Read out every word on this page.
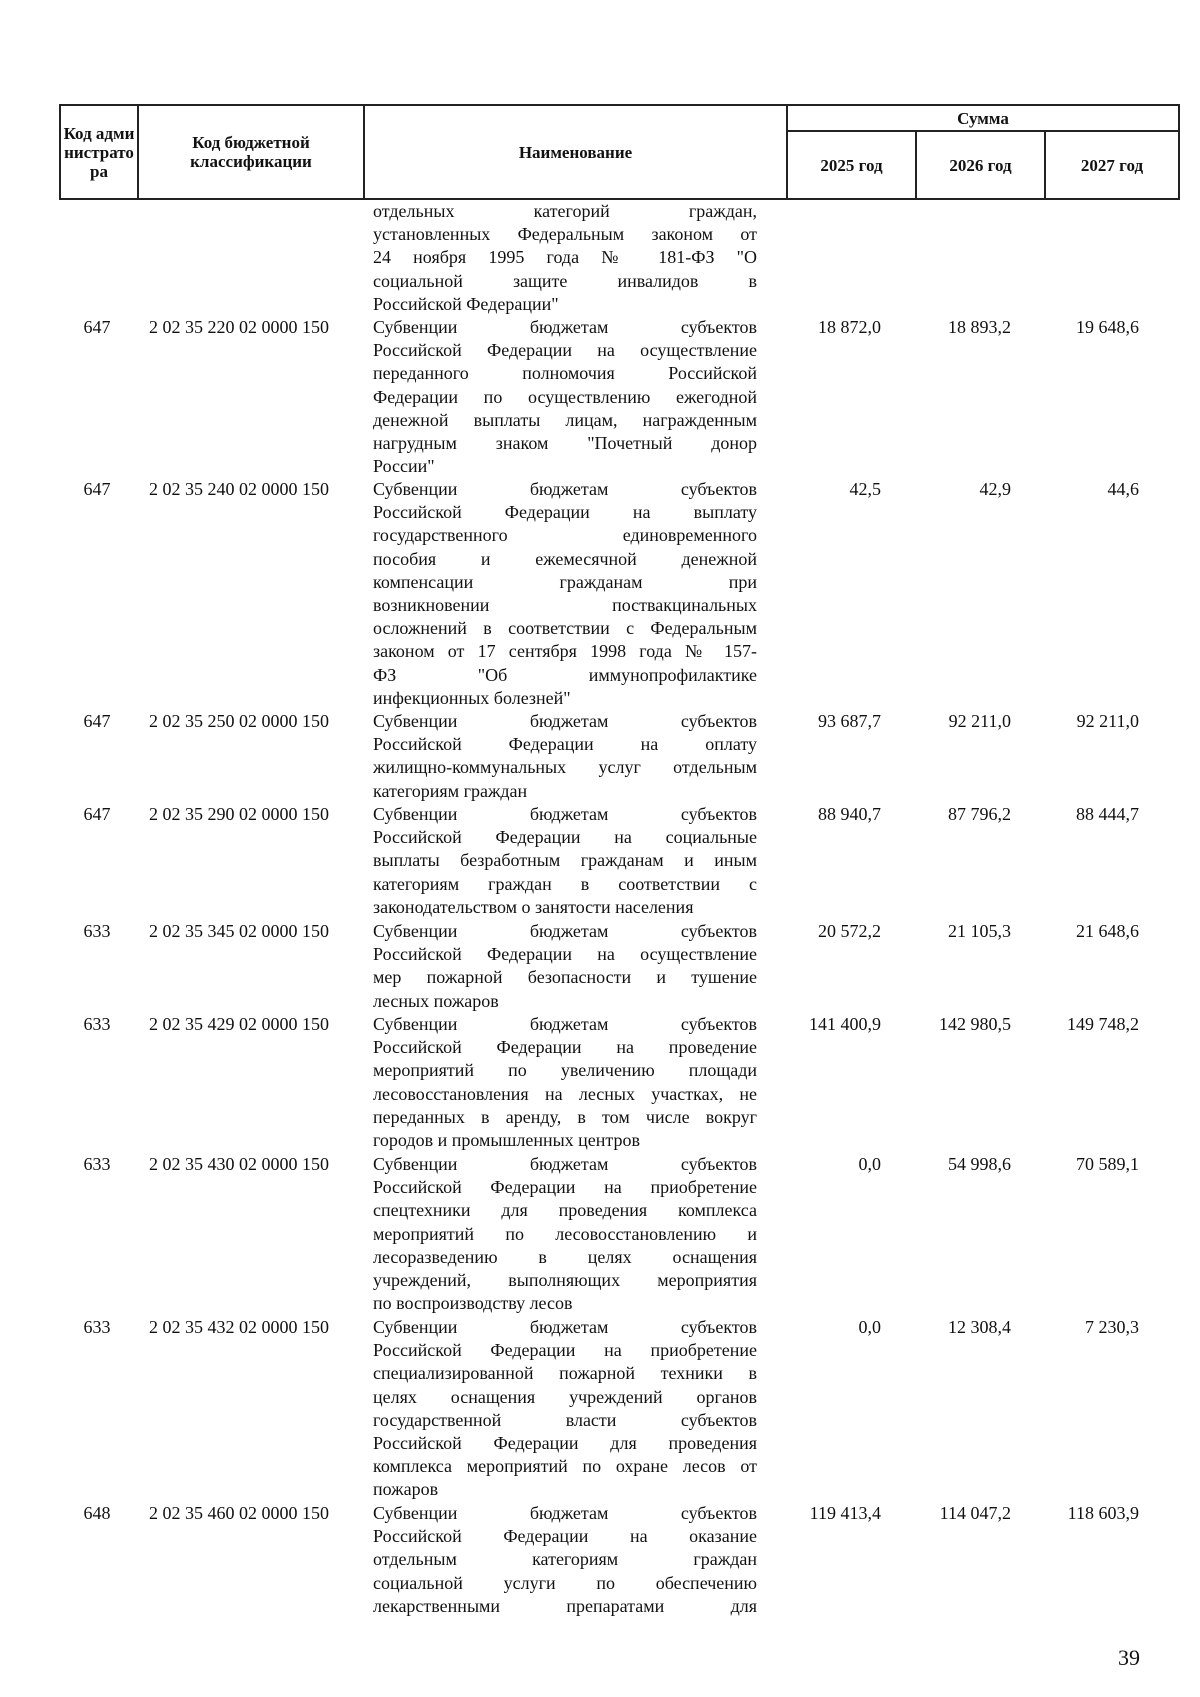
Код администратора
Код бюджетной классификации	Наименование
Сумма
2025 год	2026 год	2027 год
отдельных категорий граждан,
установленных Федеральным законом от
24 ноября 1995 года № 181-ФЗ "О
социальной защите инвалидов в
Российской Федерации"
647	2 02 35 220 02 0000 150	Субвенции бюджетам субъектов
Российской Федерации на осуществление
переданного полномочия Российской
Федерации по осуществлению ежегодной
денежной выплаты лицам, награжденным
нагрудным знаком "Почетный донор
России"
18 872,0	18 893,2	19 648,6
647	2 02 35 240 02 0000 150	Субвенции бюджетам субъектов
Российской Федерации на выплату
государственного единовременного
пособия и ежемесячной денежной
компенсации гражданам при
возникновении поствакцинальных
осложнений в соответствии с Федеральным
законом от 17 сентября 1998 года № 157-
ФЗ "Об иммунопрофилактике
инфекционных болезней"
42,5	42,9	44,6
647	2 02 35 250 02 0000 150	Субвенции бюджетам субъектов
Российской Федерации на оплату
жилищно-коммунальных услуг отдельным
категориям граждан
93 687,7	92 211,0	92 211,0
647	2 02 35 290 02 0000 150	Субвенции бюджетам субъектов
Российской Федерации на социальные
выплаты безработным гражданам и иным
категориям граждан в соответствии с
законодательством о занятости населения
88 940,7	87 796,2	88 444,7
633	2 02 35 345 02 0000 150	Субвенции бюджетам субъектов
Российской Федерации на осуществление
мер пожарной безопасности и тушение
лесных пожаров
20 572,2	21 105,3	21 648,6
633	2 02 35 429 02 0000 150	Субвенции бюджетам субъектов
Российской Федерации на проведение
мероприятий по увеличению площади
лесовосстановления на лесных участках, не
переданных в аренду, в том числе вокруг
городов и промышленных центров
141 400,9	142 980,5	149 748,2
633	2 02 35 430 02 0000 150	Субвенции бюджетам субъектов
Российской Федерации на приобретение
спецтехники для проведения комплекса
мероприятий по лесовосстановлению и
лесоразведению в целях оснащения
учреждений, выполняющих мероприятия
по воспроизводству лесов
0,0	54 998,6	70 589,1
633	2 02 35 432 02 0000 150	Субвенции бюджетам субъектов
Российской Федерации на приобретение
специализированной пожарной техники в
целях оснащения учреждений органов
государственной власти субъектов
Российской Федерации для проведения
комплекса мероприятий по охране лесов от
пожаров
0,0	12 308,4	7 230,3
648	2 02 35 460 02 0000 150	Субвенции бюджетам субъектов
Российской Федерации на оказание
отдельным категориям граждан
социальной услуги по обеспечению
лекарственными препаратами для
119 413,4	114 047,2	118 603,9
39
